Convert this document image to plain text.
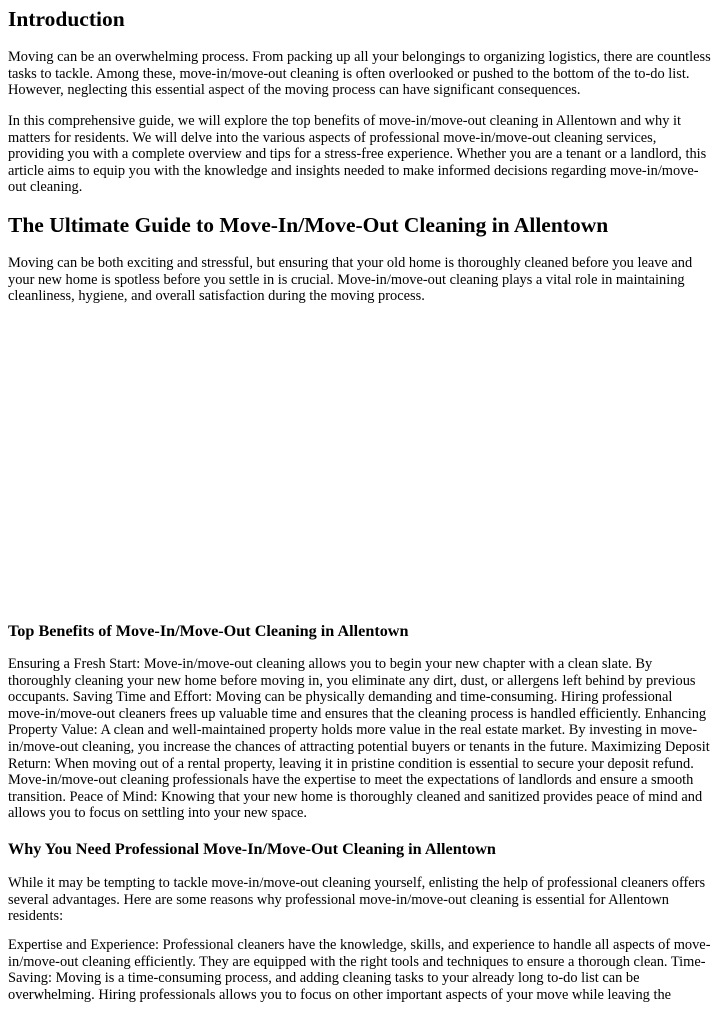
Introduction

Moving can be an overwhelming process. From packing up all your belongings to organizing logistics, there are countless tasks to tackle. Among these, move-in/move-out cleaning is often overlooked or pushed to the bottom of the to-do list. However, neglecting this essential aspect of the moving process can have significant consequences.

In this comprehensive guide, we will explore the top benefits of move-in/move-out cleaning in Allentown and why it matters for residents. We will delve into the various aspects of professional move-in/move-out cleaning services, providing you with a complete overview and tips for a stress-free experience. Whether you are a tenant or a landlord, this article aims to equip you with the knowledge and insights needed to make informed decisions regarding move-in/move-out cleaning.

The Ultimate Guide to Move-In/Move-Out Cleaning in Allentown

Moving can be both exciting and stressful, but ensuring that your old home is thoroughly cleaned before you leave and your new home is spotless before you settle in is crucial. Move-in/move-out cleaning plays a vital role in maintaining cleanliness, hygiene, and overall satisfaction during the moving process.

Top Benefits of Move-In/Move-Out Cleaning in Allentown

Ensuring a Fresh Start: Move-in/move-out cleaning allows you to begin your new chapter with a clean slate. By thoroughly cleaning your new home before moving in, you eliminate any dirt, dust, or allergens left behind by previous occupants. Saving Time and Effort: Moving can be physically demanding and time-consuming. Hiring professional move-in/move-out cleaners frees up valuable time and ensures that the cleaning process is handled efficiently. Enhancing Property Value: A clean and well-maintained property holds more value in the real estate market. By investing in move-in/move-out cleaning, you increase the chances of attracting potential buyers or tenants in the future. Maximizing Deposit Return: When moving out of a rental property, leaving it in pristine condition is essential to secure your deposit refund. Move-in/move-out cleaning professionals have the expertise to meet the expectations of landlords and ensure a smooth transition. Peace of Mind: Knowing that your new home is thoroughly cleaned and sanitized provides peace of mind and allows you to focus on settling into your new space.

Why You Need Professional Move-In/Move-Out Cleaning in Allentown

While it may be tempting to tackle move-in/move-out cleaning yourself, enlisting the help of professional cleaners offers several advantages. Here are some reasons why professional move-in/move-out cleaning is essential for Allentown residents:

Expertise and Experience: Professional cleaners have the knowledge, skills, and experience to handle all aspects of move-in/move-out cleaning efficiently. They are equipped with the right tools and techniques to ensure a thorough clean. Time-Saving: Moving is a time-consuming process, and adding cleaning tasks to your already long to-do list can be overwhelming. Hiring professionals allows you to focus on other important aspects of your move while leaving the
